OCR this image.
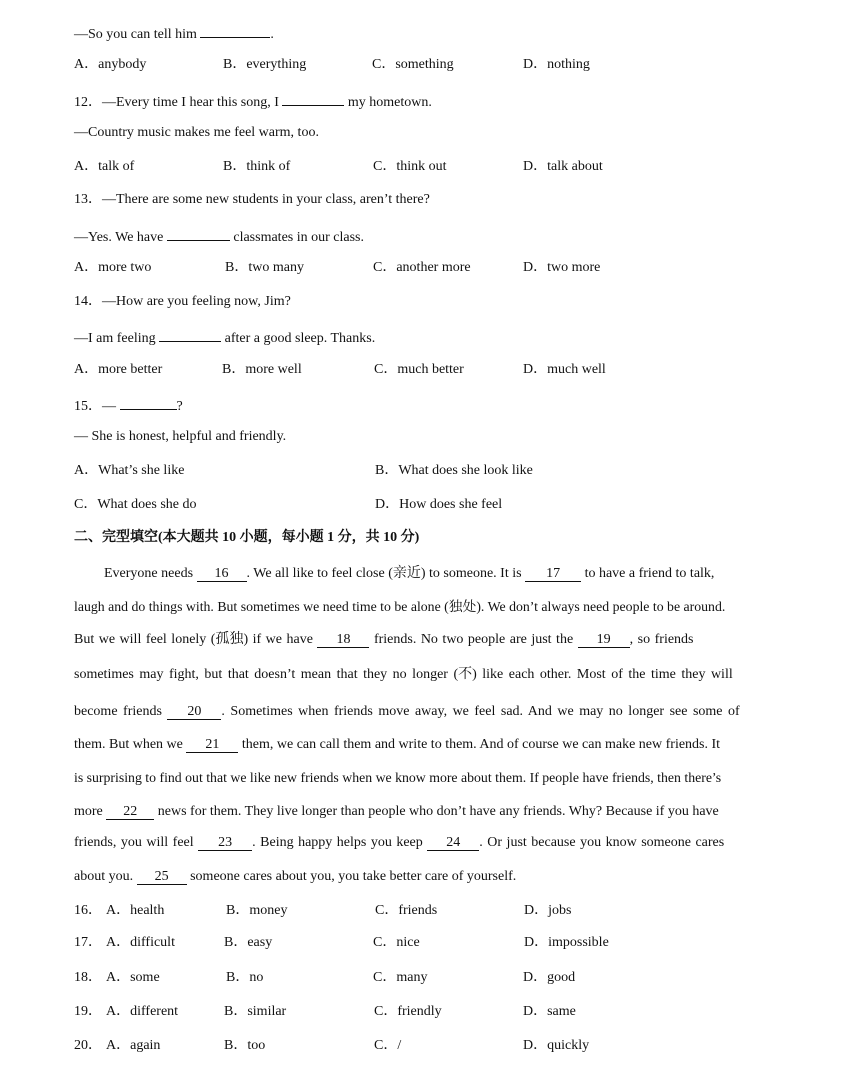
—So you can tell him	.
A．anybody	B．everything	C．something	D．nothing
12．—Every time I hear this song, I	my hometown.
—Country music makes me feel warm, too.
A．talk of	B．think of	C．think out	D．talk about
13．—There are some new students in your class, aren’t there?
—Yes. We have	classmates in our class.
A．more two	B．two many	C．another more	D．two more
14．—How are you feeling now, Jim?
—I am feeling	after a good sleep. Thanks.
A．more better	B．more well	C．much better	D．much well
15．—	?
— She is honest, helpful and friendly.
A．What’s she like	B．What does she look like
C．What does she do	D．How does she feel
二、完型填空(本大题共 10 小题，每小题 1 分，共 10 分)
Everyone needs 16 . We all like to feel close (亲近) to someone. It is 17 to have a friend to talk,
laugh and do things with. But sometimes we need time to be alone (独处). We don’t always need people to be around.
But we will feel lonely (孤独) if we have 18 friends. No two people are just the 19 , so friends
sometimes may fight, but that doesn’t mean that they no longer (不) like each other. Most of the time they will
become friends 20 . Sometimes when friends move away, we feel sad. And we may no longer see some of
them. But when we 21 them, we can call them and write to them. And of course we can make new friends. It
is surprising to find out that we like new friends when we know more about them. If people have friends, then there’s
more 22 news for them. They live longer than people who don’t have any friends. Why? Because if you have
friends, you will feel 23 . Being happy helps you keep 24 . Or just because you know someone cares
about you. 25 someone cares about you, you take better care of yourself.
16． A．health	B．money	C．friends	D．jobs
17． A．difficult	B．easy	C．nice	D．impossible
18． A．some	B．no	C．many	D．good
19． A．different	B．similar	C．friendly	D．same
20． A．again	B．too	C．/	D．quickly
